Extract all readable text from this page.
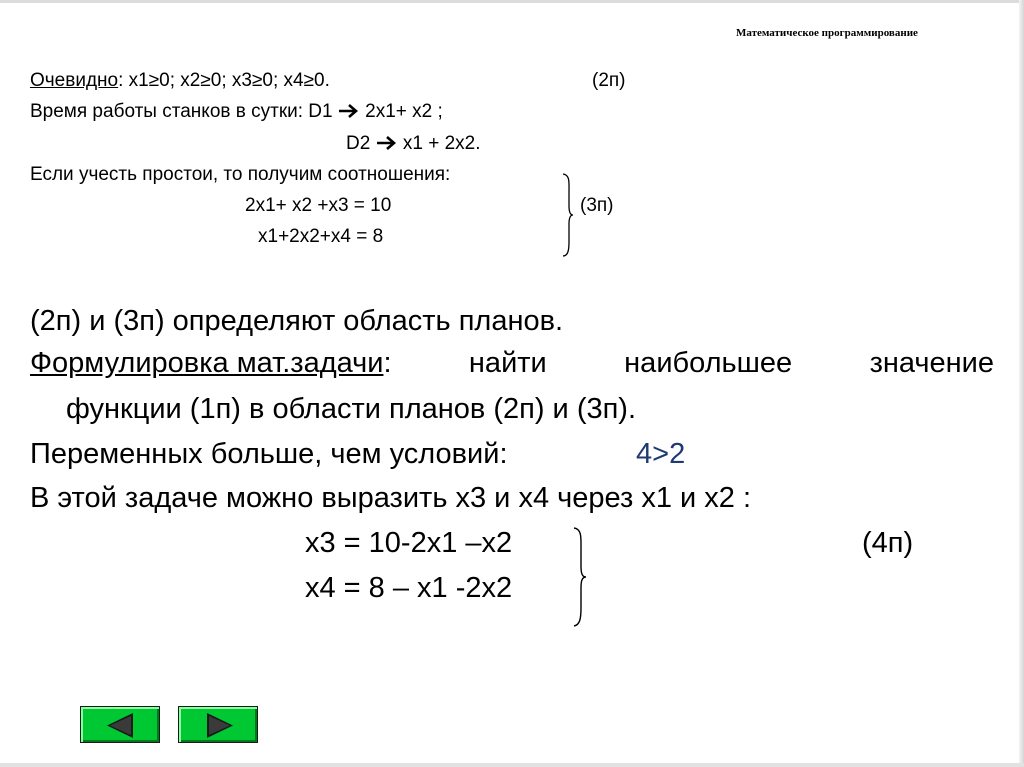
Математическое программирование
Очевидно: x1≥0; x2≥0; x3≥0; x4≥0.	(2п)
Время работы станков в сутки: D1 2x1+ x2 ;
D2 x1 + 2x2.
Если учесть простои, то получим соотношения:
2x1+ x2 +x3 = 10
x1+2x2+x4 = 8
(3п)
(2п) и (3п) определяют область планов.
Формулировка мат.задачи:	найти	наибольшее	значение
функции (1п) в области планов (2п) и (3п).
Переменных больше, чем условий:	4>2
В этой задаче можно выразить x3 и x4 через x1 и x2 :
x3 = 10-2x1 –x2
x4 = 8 – x1 -2x2
(4п)
